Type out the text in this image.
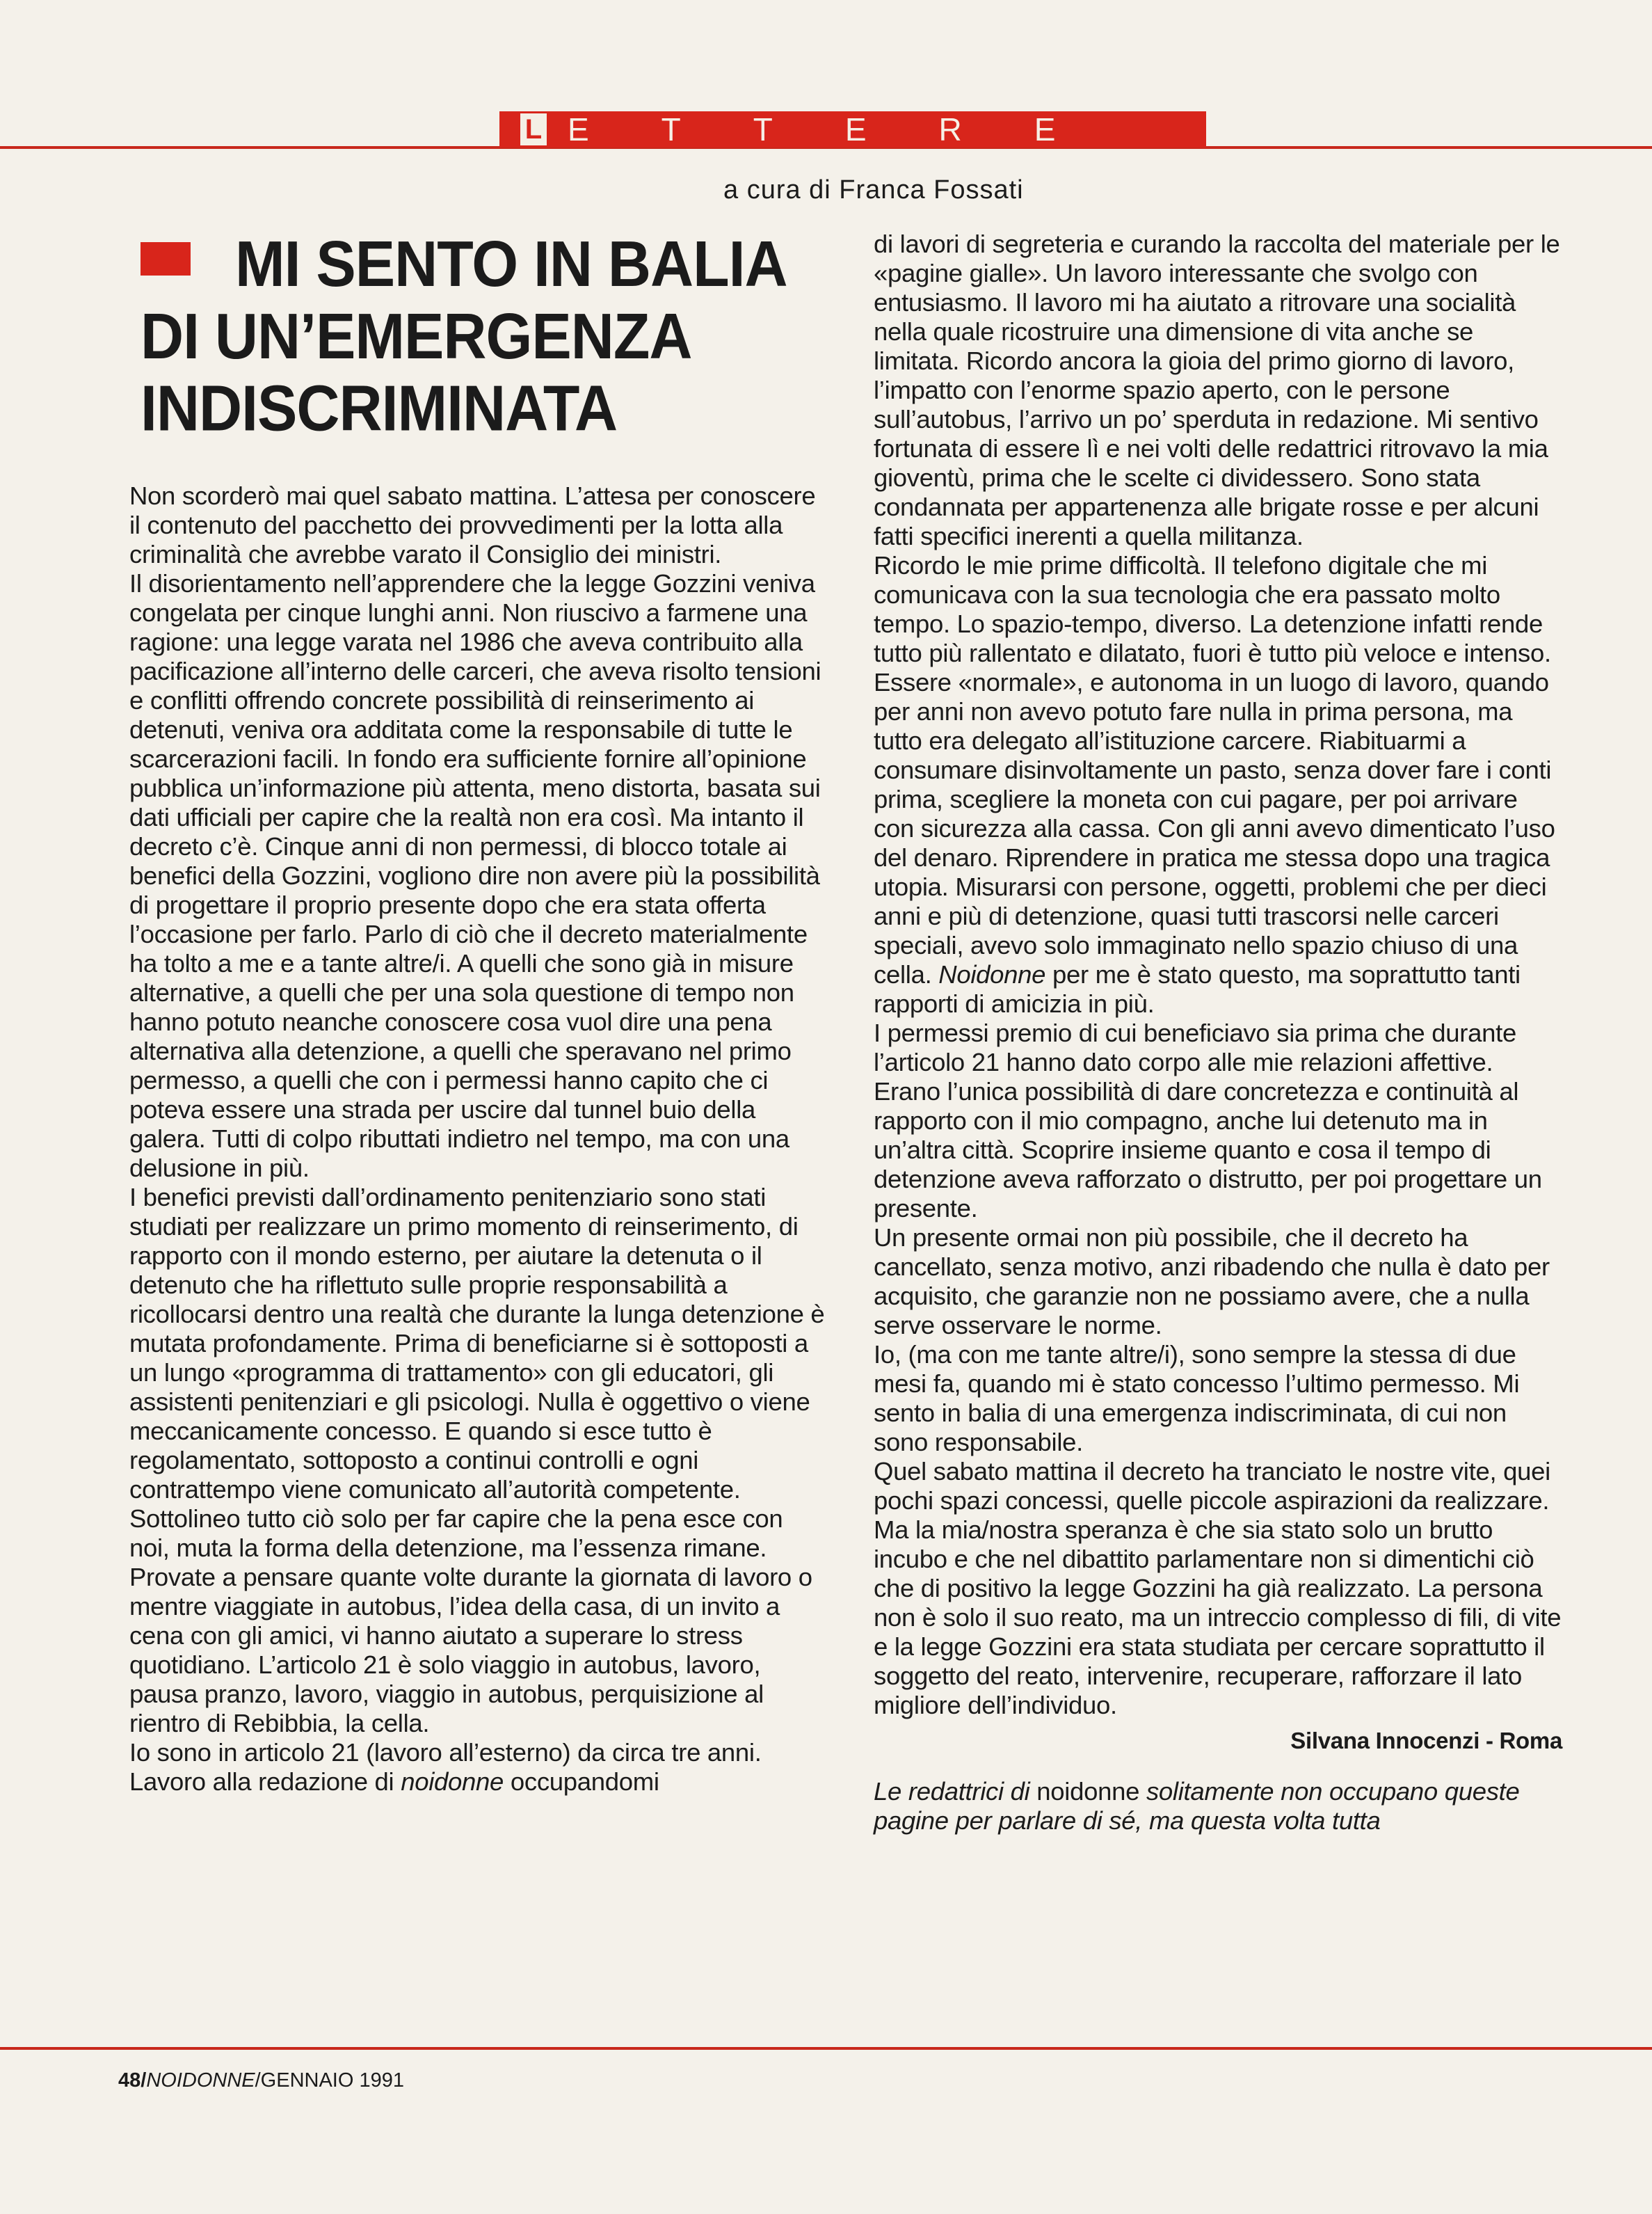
L ETTERE
a cura di Franca Fossati
MI SENTO IN BALIA DI UN’EMERGENZA INDISCRIMINATA

Non scorderò mai quel sabato mattina. L’attesa per conoscere il contenuto del pacchetto dei provvedimenti per la lotta alla criminalità che avrebbe varato il Consiglio dei ministri.

Il disorientamento nell’apprendere che la legge Gozzini veniva congelata per cinque lunghi anni. Non riuscivo a farmene una ragione: una legge varata nel 1986 che aveva contribuito alla pacificazione all’interno delle carceri, che aveva risolto tensioni e conflitti offrendo concrete possibilità di reinserimento ai detenuti, veniva ora additata come la responsabile di tutte le scarcerazioni facili. In fondo era sufficiente fornire all’opinione pubblica un’informazione più attenta, meno distorta, basata sui dati ufficiali per capire che la realtà non era così. Ma intanto il decreto c’è. Cinque anni di non permessi, di blocco totale ai benefici della Gozzini, vogliono dire non avere più la possibilità di progettare il proprio presente dopo che era stata offerta l’occasione per farlo. Parlo di ciò che il decreto materialmente ha tolto a me e a tante altre/i. A quelli che sono già in misure alternative, a quelli che per una sola questione di tempo non hanno potuto neanche conoscere cosa vuol dire una pena alternativa alla detenzione, a quelli che speravano nel primo permesso, a quelli che con i permessi hanno capito che ci poteva essere una strada per uscire dal tunnel buio della galera. Tutti di colpo ributtati indietro nel tempo, ma con una delusione in più.

I benefici previsti dall’ordinamento penitenziario sono stati studiati per realizzare un primo momento di reinserimento, di rapporto con il mondo esterno, per aiutare la detenuta o il detenuto che ha riflettuto sulle proprie responsabilità a ricollocarsi dentro una realtà che durante la lunga detenzione è mutata profondamente. Prima di beneficiarne si è sottoposti a un lungo «programma di trattamento» con gli educatori, gli assistenti penitenziari e gli psicologi. Nulla è oggettivo o viene meccanicamente concesso. E quando si esce tutto è regolamentato, sottoposto a continui controlli e ogni contrattempo viene comunicato all’autorità competente. Sottolineo tutto ciò solo per far capire che la pena esce con noi, muta la forma della detenzione, ma l’essenza rimane. Provate a pensare quante volte durante la giornata di lavoro o mentre viaggiate in autobus, l’idea della casa, di un invito a cena con gli amici, vi hanno aiutato a superare lo stress quotidiano. L’articolo 21 è solo viaggio in autobus, lavoro, pausa pranzo, lavoro, viaggio in autobus, perquisizione al rientro di Rebibbia, la cella.

Io sono in articolo 21 (lavoro all’esterno) da circa tre anni. Lavoro alla redazione di noidonne occupandomi

di lavori di segreteria e curando la raccolta del materiale per le «pagine gialle». Un lavoro interessante che svolgo con entusiasmo. Il lavoro mi ha aiutato a ritrovare una socialità nella quale ricostruire una dimensione di vita anche se limitata. Ricordo ancora la gioia del primo giorno di lavoro, l’impatto con l’enorme spazio aperto, con le persone sull’autobus, l’arrivo un po’ sperduta in redazione. Mi sentivo fortunata di essere lì e nei volti delle redattrici ritrovavo la mia gioventù, prima che le scelte ci dividessero. Sono stata condannata per appartenenza alle brigate rosse e per alcuni fatti specifici inerenti a quella militanza.

Ricordo le mie prime difficoltà. Il telefono digitale che mi comunicava con la sua tecnologia che era passato molto tempo. Lo spazio-tempo, diverso. La detenzione infatti rende tutto più rallentato e dilatato, fuori è tutto più veloce e intenso. Essere «normale», e autonoma in un luogo di lavoro, quando per anni non avevo potuto fare nulla in prima persona, ma tutto era delegato all’istituzione carcere. Riabituarmi a consumare disinvoltamente un pasto, senza dover fare i conti prima, scegliere la moneta con cui pagare, per poi arrivare con sicurezza alla cassa. Con gli anni avevo dimenticato l’uso del denaro. Riprendere in pratica me stessa dopo una tragica utopia. Misurarsi con persone, oggetti, problemi che per dieci anni e più di detenzione, quasi tutti trascorsi nelle carceri speciali, avevo solo immaginato nello spazio chiuso di una cella. Noidonne per me è stato questo, ma soprattutto tanti rapporti di amicizia in più.

I permessi premio di cui beneficiavo sia prima che durante l’articolo 21 hanno dato corpo alle mie relazioni affettive. Erano l’unica possibilità di dare concretezza e continuità al rapporto con il mio compagno, anche lui detenuto ma in un’altra città. Scoprire insieme quanto e cosa il tempo di detenzione aveva rafforzato o distrutto, per poi progettare un presente.

Un presente ormai non più possibile, che il decreto ha cancellato, senza motivo, anzi ribadendo che nulla è dato per acquisito, che garanzie non ne possiamo avere, che a nulla serve osservare le norme.

Io, (ma con me tante altre/i), sono sempre la stessa di due mesi fa, quando mi è stato concesso l’ultimo permesso. Mi sento in balia di una emergenza indiscriminata, di cui non sono responsabile.

Quel sabato mattina il decreto ha tranciato le nostre vite, quei pochi spazi concessi, quelle piccole aspirazioni da realizzare. Ma la mia/nostra speranza è che sia stato solo un brutto incubo e che nel dibattito parlamentare non si dimentichi ciò che di positivo la legge Gozzini ha già realizzato. La persona non è solo il suo reato, ma un intreccio complesso di fili, di vite e la legge Gozzini era stata studiata per cercare soprattutto il soggetto del reato, intervenire, recuperare, rafforzare il lato migliore dell’individuo.

Silvana Innocenzi - Roma

Le redattrici di noidonne solitamente non occupano queste pagine per parlare di sé, ma questa volta tutta

48/NOIDONNE/GENNAIO 1991
